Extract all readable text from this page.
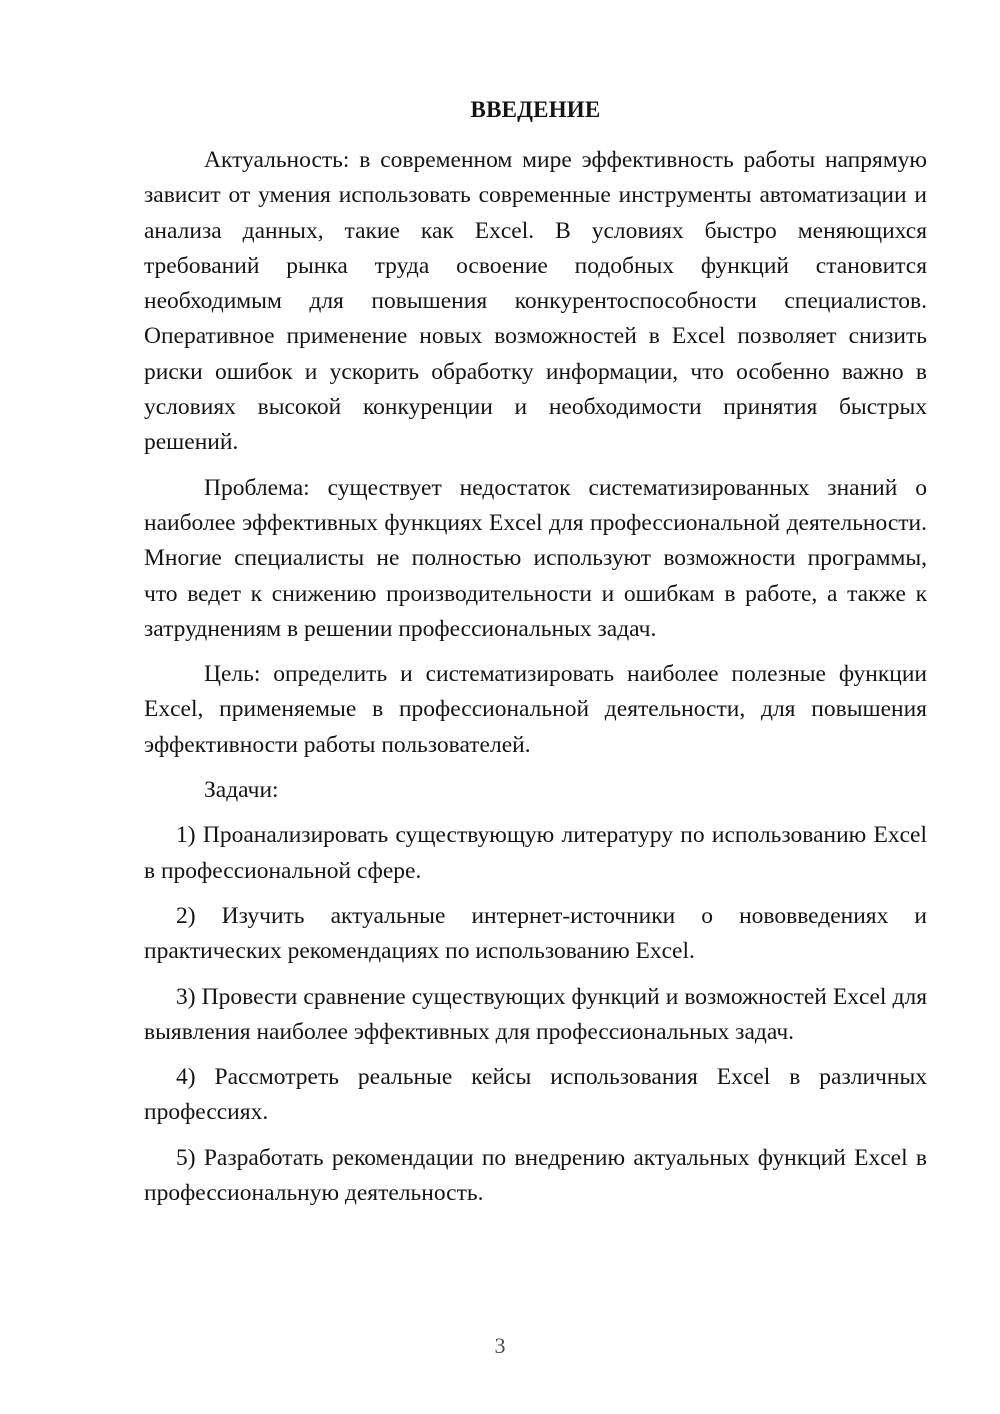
ВВЕДЕНИЕ

Актуальность: в современном мире эффективность работы напрямую зависит от умения использовать современные инструменты автоматизации и анализа данных, такие как Excel. В условиях быстро меняющихся требований рынка труда освоение подобных функций становится необходимым для повышения конкурентоспособности специалистов. Оперативное применение новых возможностей в Excel позволяет снизить риски ошибок и ускорить обработку информации, что особенно важно в условиях высокой конкуренции и необходимости принятия быстрых решений.

Проблема: существует недостаток систематизированных знаний о наиболее эффективных функциях Excel для профессиональной деятельности. Многие специалисты не полностью используют возможности программы, что ведет к снижению производительности и ошибкам в работе, а также к затруднениям в решении профессиональных задач.

Цель: определить и систематизировать наиболее полезные функции Excel, применяемые в профессиональной деятельности, для повышения эффективности работы пользователей.

Задачи:

1) Проанализировать существующую литературу по использованию Excel в профессиональной сфере.

2) Изучить актуальные интернет-источники о нововведениях и практических рекомендациях по использованию Excel.

3) Провести сравнение существующих функций и возможностей Excel для выявления наиболее эффективных для профессиональных задач.

4) Рассмотреть реальные кейсы использования Excel в различных профессиях.

5) Разработать рекомендации по внедрению актуальных функций Excel в профессиональную деятельность.

3
